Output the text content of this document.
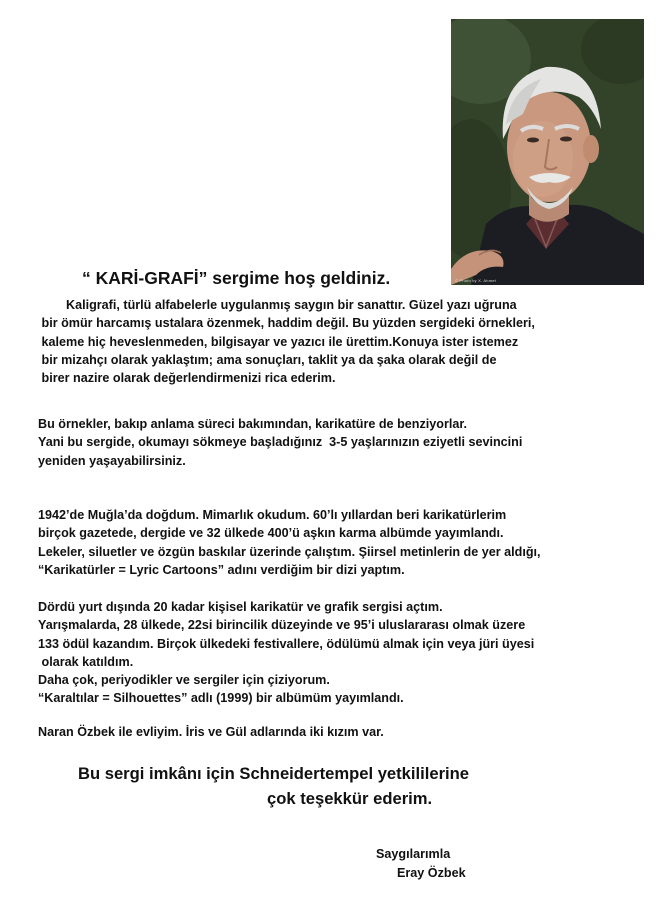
© Photo by X. Ahmet
“ KARİ-GRAFİ” sergime hoş geldiniz.
Kaligrafi, türlü alfabelerle uygulanmış saygın bir sanattır. Güzel yazı uğruna
bir ömür harcamış ustalara özenmek, haddim değil. Bu yüzden sergideki örnekleri,
kaleme hiç heveslenmeden, bilgisayar ve yazıcı ile ürettim.Konuya ister istemez
bir mizahçı olarak yaklaştım; ama sonuçları, taklit ya da şaka olarak değil de
birer nazire olarak değerlendirmenizi rica ederim.
Bu örnekler, bakıp anlama süreci bakımından, karikatüre de benziyorlar.
Yani bu sergide, okumayı sökmeye başladığınız  3-5 yaşlarınızın eziyetli sevincini
yeniden yaşayabilirsiniz.
1942’de Muğla’da doğdum. Mimarlık okudum. 60’lı yıllardan beri karikatürlerim
birçok gazetede, dergide ve 32 ülkede 400’ü aşkın karma albümde yayımlandı.
Lekeler, siluetler ve özgün baskılar üzerinde çalıştım. Şiirsel metinlerin de yer aldığı,
“Karikatürler = Lyric Cartoons” adını verdiğim bir dizi yaptım.
Dördü yurt dışında 20 kadar kişisel karikatür ve grafik sergisi açtım.
Yarışmalarda, 28 ülkede, 22si birincilik düzeyinde ve 95’i uluslararası olmak üzere
133 ödül kazandım. Birçok ülkedeki festivallere, ödülümü almak için veya jüri üyesi
olarak katıldım.
Daha çok, periyodikler ve sergiler için çiziyorum.
“Karaltılar = Silhouettes” adlı (1999) bir albümüm yayımlandı.
Naran Özbek ile evliyim. İris ve Gül adlarında iki kızım var.
Bu sergi imkânı için Schneidertempel yetkililerine
çok teşekkür ederim.
Saygılarımla
Eray Özbek
